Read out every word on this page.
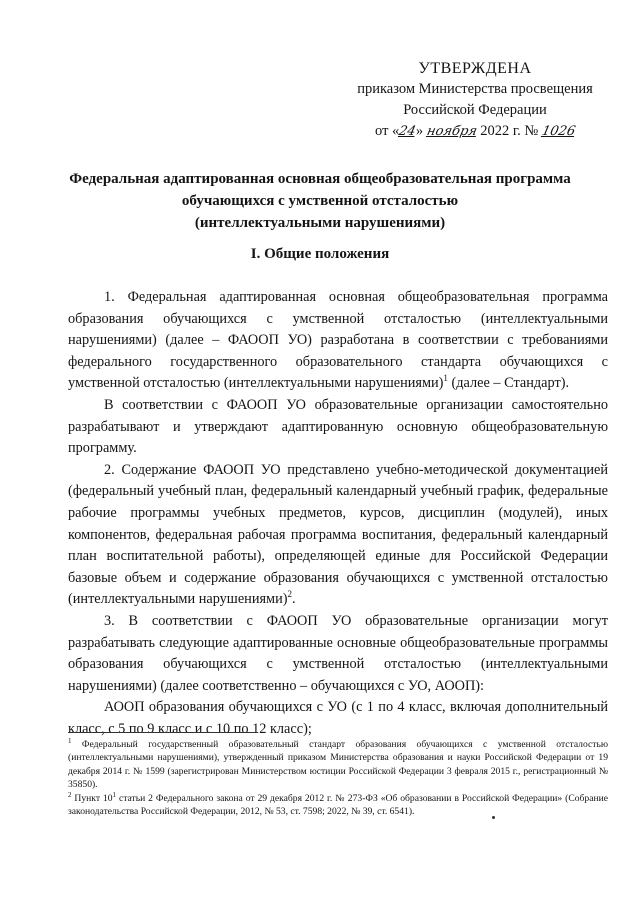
УТВЕРЖДЕНА
приказом Министерства просвещения
Российской Федерации
от «24» ноября 2022 г. № 1026
Федеральная адаптированная основная общеобразовательная программа
обучающихся с умственной отсталостью
(интеллектуальными нарушениями)
I. Общие положения

1. Федеральная адаптированная основная общеобразовательная программа образования обучающихся с умственной отсталостью (интеллектуальными нарушениями) (далее – ФАООП УО) разработана в соответствии с требованиями федерального государственного образовательного стандарта обучающихся с умственной отсталостью (интеллектуальными нарушениями)$^1$ (далее – Стандарт).

В соответствии с ФАООП УО образовательные организации самостоятельно разрабатывают и утверждают адаптированную основную общеобразовательную программу.

2. Содержание ФАООП УО представлено учебно-методической документацией (федеральный учебный план, федеральный календарный учебный график, федеральные рабочие программы учебных предметов, курсов, дисциплин (модулей), иных компонентов, федеральная рабочая программа воспитания, федеральный календарный план воспитательной работы), определяющей единые для Российской Федерации базовые объем и содержание образования обучающихся с умственной отсталостью (интеллектуальными нарушениями)$^2$.

3. В соответствии с ФАООП УО образовательные организации могут разрабатывать следующие адаптированные основные общеобразовательные программы образования обучающихся с умственной отсталостью (интеллектуальными нарушениями) (далее соответственно – обучающихся с УО, АООП):

АООП образования обучающихся с УО (с 1 по 4 класс, включая дополнительный класс, с 5 по 9 класс и с 10 по 12 класс);

$^1$ Федеральный государственный образовательный стандарт образования обучающихся с умственной отсталостью (интеллектуальными нарушениями), утвержденный приказом Министерства образования и науки Российской Федерации от 19 декабря 2014 г. № 1599 (зарегистрирован Министерством юстиции Российской Федерации 3 февраля 2015 г., регистрационный № 35850).

$^2$ Пункт $10^1$ статьи 2 Федерального закона от 29 декабря 2012 г. № 273-ФЗ «Об образовании в Российской Федерации» (Собрание законодательства Российской Федерации, 2012, № 53, ст. 7598; 2022, № 39, ст. 6541).
